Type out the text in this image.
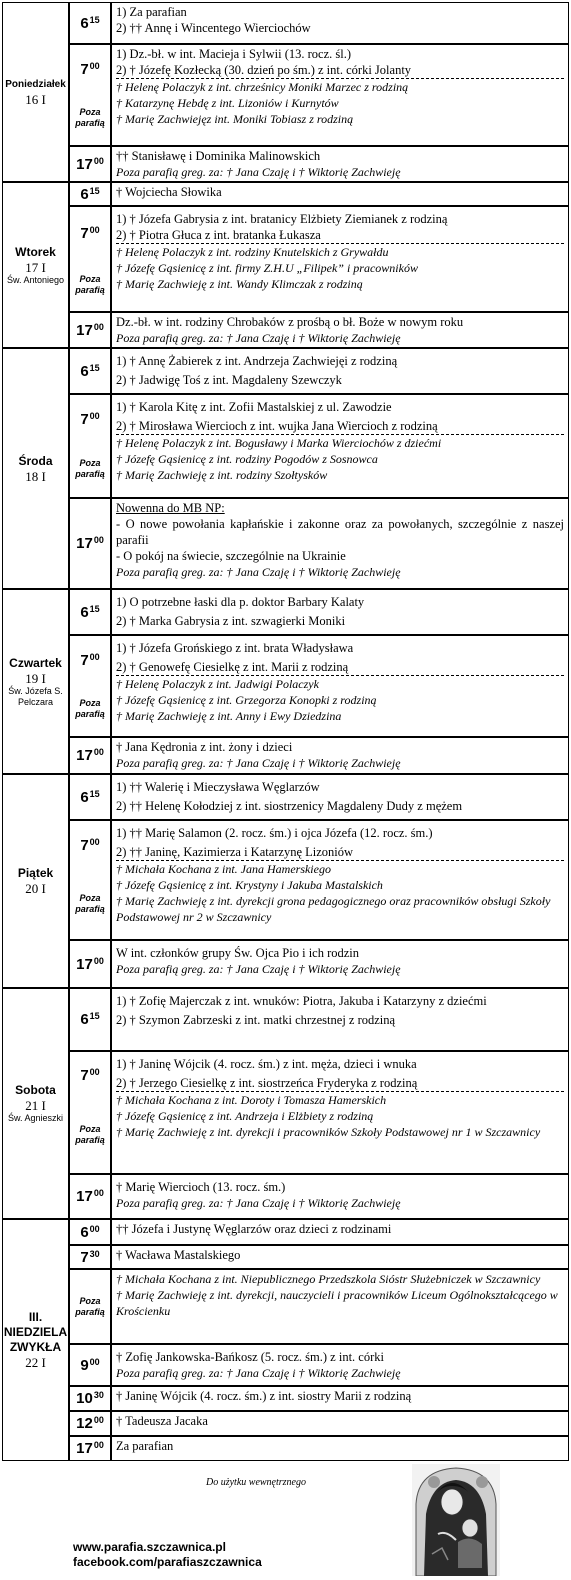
Poniedziałek
16 I
$6^{15}$
1) Za parafian
2) †† Annę i Wincentego Wierciochów
$7^{00}$
Poza parafią
1) Dz.-bł. w int. Macieja i Sylwii (13. rocz. śl.)
2) † Józefę Kozłecką (30. dzień po śm.) z int. córki Jolanty
† Helenę Polaczyk z int. chrześnicy Moniki Marzec z rodziną
† Katarzynę Hebdę z int. Lizoniów i Kurnytów
† Marię Zachwiejęz int. Moniki Tobiasz z rodziną
$17^{00}$ †† Stanisławę i Dominika Malinowskich
Poza parafią greg. za: † Jana Czaję i † Wiktorię Zachwieję
Wtorek
17 I
Św. Antoniego
$6^{15}$ † Wojciecha Słowika
$7^{00}$
Poza parafią
1) † Józefa Gabrysia z int. bratanicy Elżbiety Ziemianek z rodziną
2) † Piotra Głuca z int. bratanka Łukasza
† Helenę Polaczyk z int. rodziny Knutelskich z Grywałdu
† Józefę Gąsienicę z int. firmy Z.H.U „Filipek” i pracowników
† Marię Zachwieję z int. Wandy Klimczak z rodziną
$17^{00}$ Dz.-bł. w int. rodziny Chrobaków z prośbą o bł. Boże w nowym roku
Poza parafią greg. za: † Jana Czaję i † Wiktorię Zachwieję
Środa
18 I
$6^{15}$ 1) † Annę Żabierek z int. Andrzeja Zachwiejęi z rodziną
2) † Jadwigę Toś z int. Magdaleny Szewczyk
$7^{00}$
Poza parafią
1) † Karola Kitę z int. Zofii Mastalskiej z ul. Zawodzie
2) † Mirosława Wiercioch z int. wujka Jana Wiercioch z rodziną
† Helenę Polaczyk z int. Bogusławy i Marka Wierciochów z dziećmi
† Józefę Gąsienicę z int. rodziny Pogodów z Sosnowca
† Marię Zachwieję z int. rodziny Szołtysków
$17^{00}$
Nowenna do MB NP:
- O nowe powołania kapłańskie i zakonne oraz za powołanych, szczególnie z naszej parafii
- O pokój na świecie, szczególnie na Ukrainie
Poza parafią greg. za: † Jana Czaję i † Wiktorię Zachwieję
Czwartek
19 I
Św. Józefa S. Pelczara
$6^{15}$ 1) O potrzebne łaski dla p. doktor Barbary Kalaty
2) † Marka Gabrysia z int. szwagierki Moniki
$7^{00}$
Poza parafią
1) † Józefa Grońskiego z int. brata Władysława
2) † Genowefę Ciesielkę z int. Marii z rodziną
† Helenę Polaczyk z int. Jadwigi Polaczyk
† Józefę Gąsienicę z int. Grzegorza Konopki z rodziną
† Marię Zachwieję z int. Anny i Ewy Dziedzina
$17^{00}$ † Jana Kędronia z int. żony i dzieci
Poza parafią greg. za: † Jana Czaję i † Wiktorię Zachwieję
Piątek
20 I
$6^{15}$ 1) †† Walerię i Mieczysława Węglarzów
2) †† Helenę Kołodziej z int. siostrzenicy Magdaleny Dudy z mężem
$7^{00}$
Poza parafią
1) †† Marię Salamon (2. rocz. śm.) i ojca Józefa (12. rocz. śm.)
2) †† Janinę, Kazimierza i Katarzynę Lizoniów
† Michała Kochana z int. Jana Hamerskiego
† Józefę Gąsienicę z int. Krystyny i Jakuba Mastalskich
† Marię Zachwieję z int. dyrekcji grona pedagogicznego oraz pracowników obsługi Szkoły Podstawowej nr 2 w Szczawnicy
$17^{00}$
W int. członków grupy Św. Ojca Pio i ich rodzin
Poza parafią greg. za: † Jana Czaję i † Wiktorię Zachwieję
Sobota
21 I
Św. Agnieszki
$6^{15}$
1) † Zofię Majerczak z int. wnuków: Piotra, Jakuba i Katarzyny z dziećmi
2) † Szymon Zabrzeski z int. matki chrzestnej z rodziną
$7^{00}$
Poza parafią
1) † Janinę Wójcik (4. rocz. śm.) z int. męża, dzieci i wnuka
2) † Jerzego Ciesielkę z int. siostrzeńca Fryderyka z rodziną
† Michała Kochana z int. Doroty i Tomasza Hamerskich
† Józefę Gąsienicę z int. Andrzeja i Elżbiety z rodziną
† Marię Zachwieję z int. dyrekcji i pracowników Szkoły Podstawowej nr 1 w Szczawnicy
$17^{00}$ † Marię Wiercioch (13. rocz. śm.)
Poza parafią greg. za: † Jana Czaję i † Wiktorię Zachwieję
III. NIEDZIELA ZWYKŁA
22 I
$6^{00}$ †† Józefa i Justynę Węglarzów oraz dzieci z rodzinami
$7^{30}$ † Wacława Mastalskiego
Poza parafią
† Michała Kochana z int. Niepublicznego Przedszkola Sióstr Służebniczek w Szczawnicy
† Marię Zachwieję z int. dyrekcji, nauczycieli i pracowników Liceum Ogólnokształcącego w Krościenku
$9^{00}$ † Zofię Jankowska-Bańkosz (5. rocz. śm.) z int. córki
Poza parafią greg. za: † Jana Czaję i † Wiktorię Zachwieję
$10^{30}$ † Janinę Wójcik (4. rocz. śm.) z int. siostry Marii z rodziną
$12^{00}$ † Tadeusza Jacaka
$17^{00}$ Za parafian
Do użytku wewnętrznego
www.parafia.szczawnica.pl
facebook.com/parafiaszczawnica
